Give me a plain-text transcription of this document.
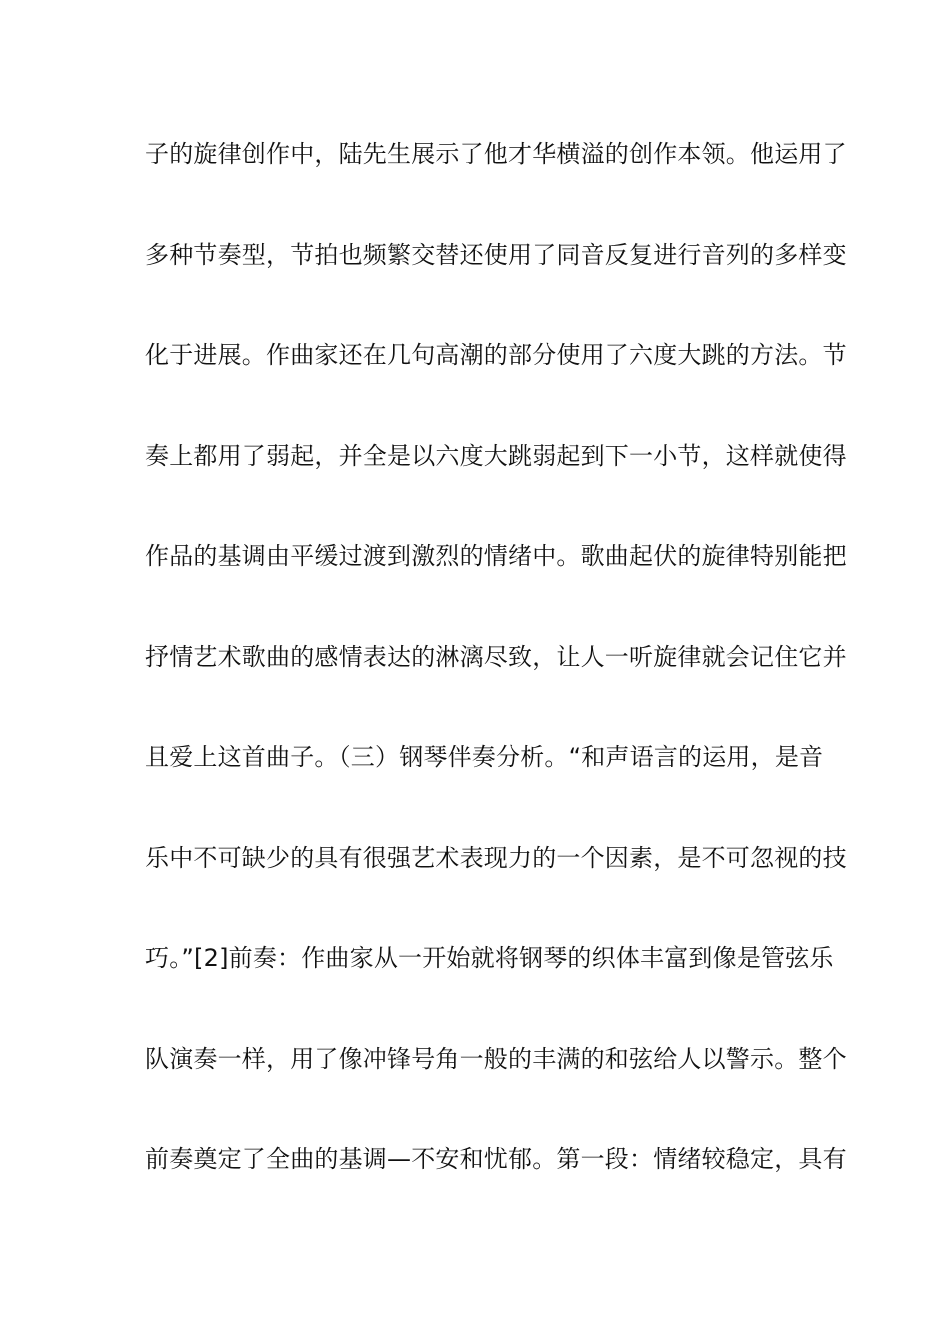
子的旋律创作中，陆先生展示了他才华横溢的创作本领。他运用了

多种节奏型，节拍也频繁交替还使用了同音反复进行音列的多样变

化于进展。作曲家还在几句高潮的部分使用了六度大跳的方法。节

奏上都用了弱起，并全是以六度大跳弱起到下一小节，这样就使得

作品的基调由平缓过渡到激烈的情绪中。歌曲起伏的旋律特别能把

抒情艺术歌曲的感情表达的淋漓尽致，让人一听旋律就会记住它并

且爱上这首曲子。（三）钢琴伴奏分析。“和声语言的运用，是音

乐中不可缺少的具有很强艺术表现力的一个因素，是不可忽视的技

巧。”[2]前奏：作曲家从一开始就将钢琴的织体丰富到像是管弦乐

队演奏一样，用了像冲锋号角一般的丰满的和弦给人以警示。整个

前奏奠定了全曲的基调—不安和忧郁。第一段：情绪较稳定，具有
